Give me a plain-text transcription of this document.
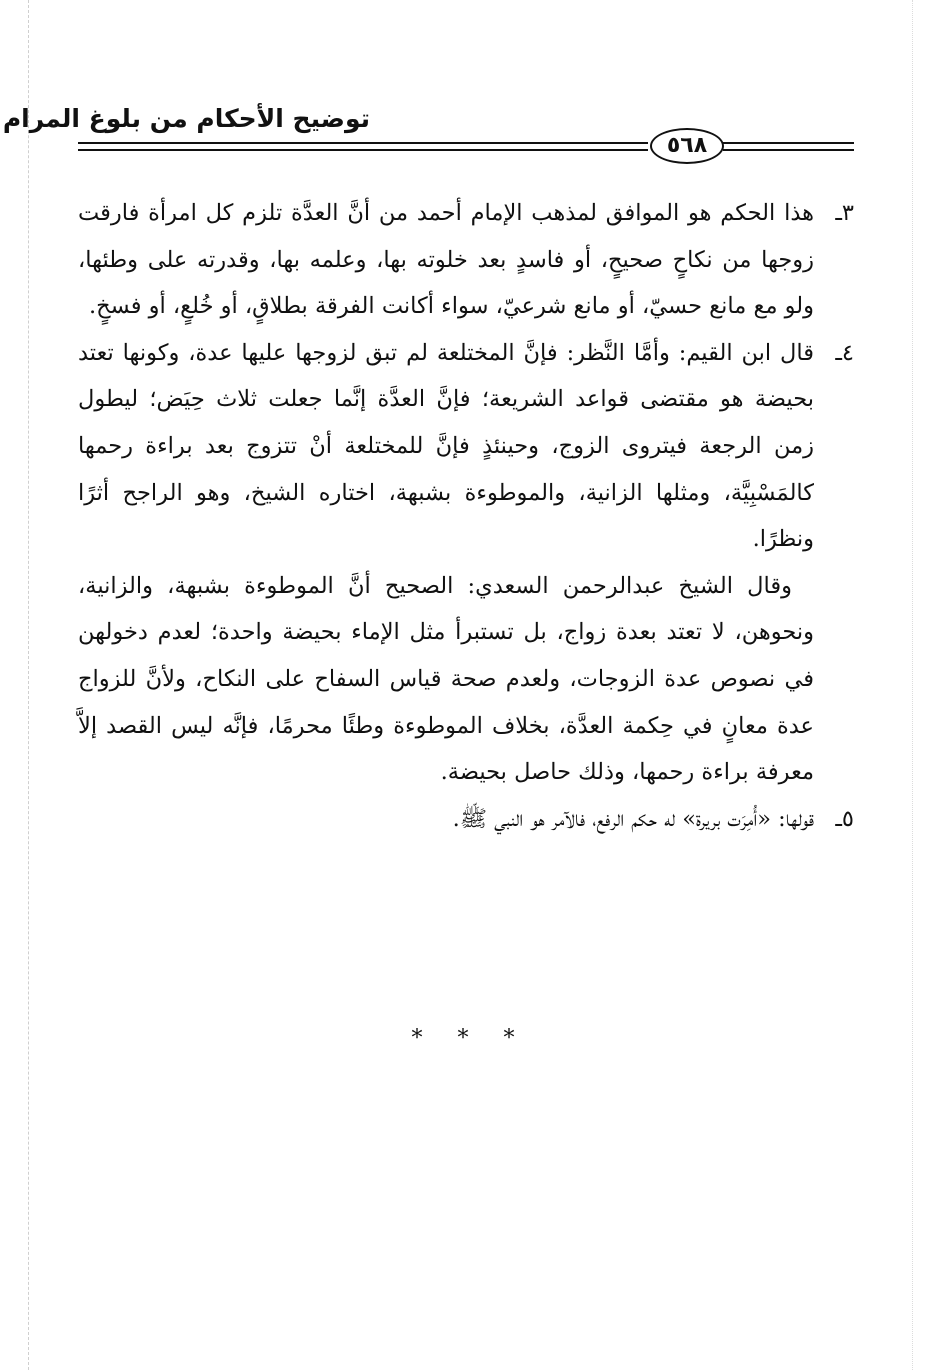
توضيح الأحكام من بلوغ المرام
٥٦٨

٣ـهذا الحكم هو الموافق لمذهب الإمام أحمد من أنَّ العدَّة تلزم كل امرأة فارقت زوجها من نكاحٍ صحيحٍ، أو فاسدٍ بعد خلوته بها، وعلمه بها، وقدرته على وطئها، ولو مع مانع حسيّ، أو مانع شرعيّ، سواء أكانت الفرقة بطلاقٍ، أو خُلعٍ، أو فسخٍ.

٤ـقال ابن القيم: وأمَّا النَّظر: فإنَّ المختلعة لم تبق لزوجها عليها عدة، وكونها تعتد بحيضة هو مقتضى قواعد الشريعة؛ فإنَّ العدَّة إنَّما جعلت ثلاث حِيَض؛ ليطول زمن الرجعة فيتروى الزوج، وحينئذٍ فإنَّ للمختلعة أنْ تتزوج بعد براءة رحمها كالمَسْبِيَّة، ومثلها الزانية، والموطوءة بشبهة، اختاره الشيخ، وهو الراجح أثرًا ونظرًا.

وقال الشيخ عبدالرحمن السعدي: الصحيح أنَّ الموطوءة بشبهة، والزانية، ونحوهن، لا تعتد بعدة زواج، بل تستبرأ مثل الإماء بحيضة واحدة؛ لعدم دخولهن في نصوص عدة الزوجات، ولعدم صحة قياس السفاح على النكاح، ولأنَّ للزواج عدة معانٍ في حِكمة العدَّة، بخلاف الموطوءة وطئًا محرمًا، فإنَّه ليس القصد إلاَّ معرفة براءة رحمها، وذلك حاصل بحيضة.

٥ـقولها: «أُمِرَت بريرة» له حكم الرفع، فالآمر هو النبي ﷺ.

* * *
